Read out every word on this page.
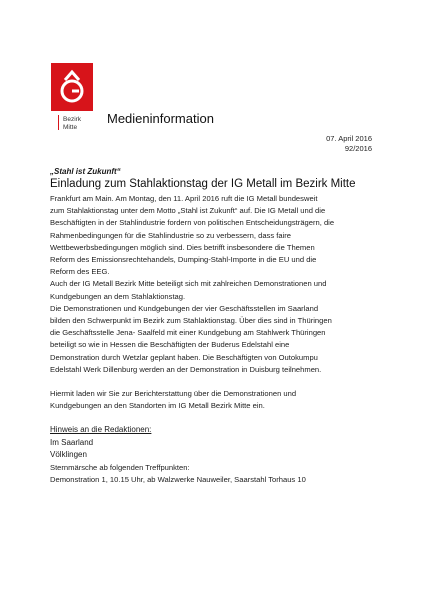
Bezirk
Mitte
Medieninformation
07. April 2016
92/2016
„Stahl ist Zukunft“
Einladung zum Stahlaktionstag der IG Metall im Bezirk Mitte

Frankfurt am Main. Am Montag, den 11. April 2016 ruft die IG Metall bundesweit

zum Stahlaktionstag unter dem Motto „Stahl ist Zukunft“ auf. Die IG Metall und die

Beschäftigten in der Stahlindustrie fordern von politischen Entscheidungsträgern, die

Rahmenbedingungen für die Stahlindustrie so zu verbessern, dass faire

Wettbewerbsbedingungen möglich sind. Dies betrifft insbesondere die Themen

Reform des Emissionsrechtehandels, Dumping-Stahl-Importe in die EU und die

Reform des EEG.

Auch der IG Metall Bezirk Mitte beteiligt sich mit zahlreichen Demonstrationen und

Kundgebungen an dem Stahlaktionstag.

Die Demonstrationen und Kundgebungen der vier Geschäftsstellen im Saarland

bilden den Schwerpunkt im Bezirk zum Stahlaktionstag. Über dies sind in Thüringen

die Geschäftsstelle Jena- Saalfeld mit einer Kundgebung am Stahlwerk Thüringen

beteiligt so wie in Hessen die Beschäftigten der Buderus Edelstahl eine

Demonstration durch Wetzlar geplant haben. Die Beschäftigten von Outokumpu

Edelstahl Werk Dillenburg werden an der Demonstration in Duisburg teilnehmen.

Hiermit laden wir Sie zur Berichterstattung über die Demonstrationen und

Kundgebungen an den Standorten im IG Metall Bezirk Mitte ein.

Hinweis an die Redaktionen:

Im Saarland

Völklingen

Sternmärsche ab folgenden Treffpunkten:

Demonstration 1, 10.15 Uhr, ab Walzwerke Nauweiler, Saarstahl Torhaus 10
